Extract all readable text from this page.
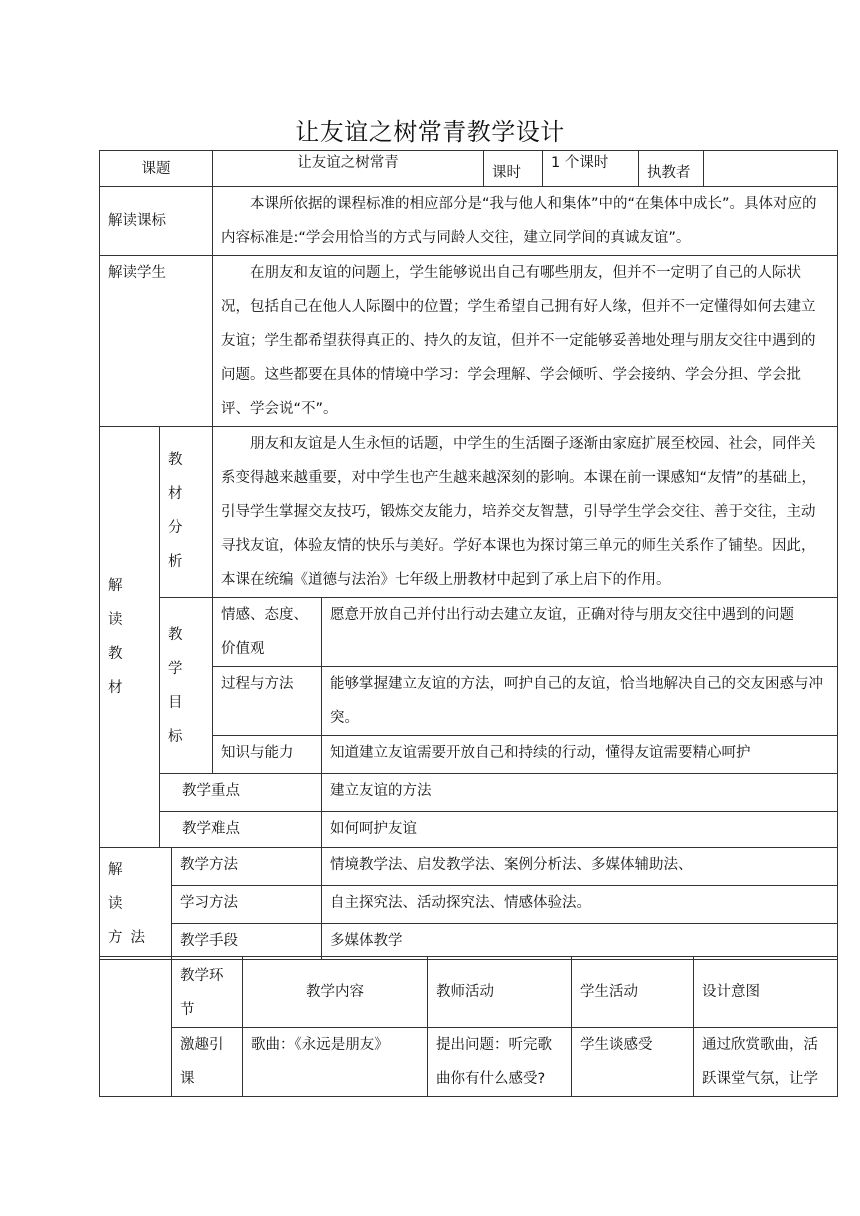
让友谊之树常青教学设计
课题			让友谊之树常青		课时	1 个课时	执教者	
解读课标			本课所依据的课程标准的相应部分是“我与他人和集体”中的“在集体中成长”。具体对应的内容标准是:“学会用恰当的方式与同龄人交往，建立同学间的真诚友谊”。					
解读学生			在朋友和友谊的问题上，学生能够说出自己有哪些朋友，但并不一定明了自己的人际状况，包括自己在他人人际圈中的位置；学生希望自己拥有好人缘，但并不一定懂得如何去建立友谊；学生都希望获得真正的、持久的友谊，但并不一定能够妥善地处理与朋友交往中遇到的问题。这些都要在具体的情境中学习：学会理解、学会倾听、学会接纳、学会分担、学会批评、学会说“不”。					
解 读教材	教 材分析		朋友和友谊是人生永恒的话题，中学生的生活圈子逐渐由家庭扩展至校园、社会，同伴关系变得越来越重要，对中学生也产生越来越深刻的影响。本课在前一课感知“友情”的基础上，引导学生掌握交友技巧，锻炼交友能力，培养交友智慧，引导学生学会交往、善于交往，主动寻找友谊，体验友情的快乐与美好。学好本课也为探讨第三单元的师生关系作了铺垫。因此，本课在统编《道德与法治》七年级上册教材中起到了承上启下的作用。					
	教 学目标		情感、态度、价值观	愿意开放自己并付出行动去建立友谊，正确对待与朋友交往中遇到的问题				
			过程与方法	能够掌握建立友谊的方法，呵护自己的友谊，恰当地解决自己的交友困惑与冲突。				
			知识与能力	知道建立友谊需要开放自己和持续的行动，懂得友谊需要精心呵护				
	教学重点			建立友谊的方法				
	教学难点			如何呵护友谊				
解 读 方法		教学方法		情境教学法、启发教学法、案例分析法、多媒体辅助法、				
		学习方法		自主探究法、活动探究法、情感体验法。				
		教学手段		多媒体教学				
	教学环节	教学内容	教师活动	学生活动	设计意图
	激趣引课	歌曲：《永远是朋友》	提出问题：听完歌曲你有什么感受?	学生谈感受	通过欣赏歌曲，活跃课堂气氛，让学
